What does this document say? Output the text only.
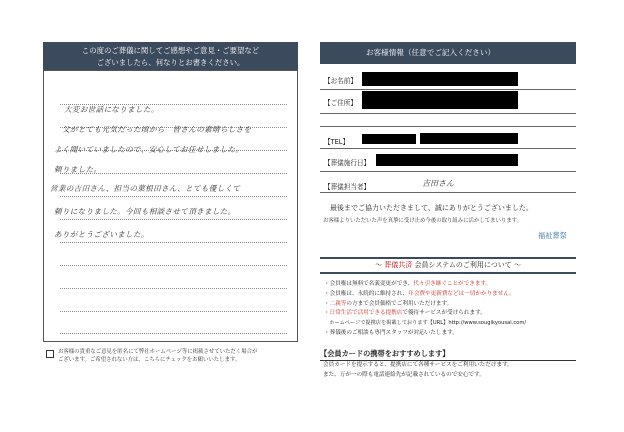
この度のご葬儀に関してご感想やご意見・ご要望など
ございましたら、何なりとお書きください。
大変お世話になりました。
父がとても元気だった頃から　皆さんの素晴らしさを
よく聞いていましたので、安心してお任せしました。
頼りました。
営業の吉田さん、担当の菓根田さん、とても優しくて
頼りになりました。今回も相談させて頂きました。
ありがとうございました。
お客様の貴重なご意見を匿名にて弊社ホームページ等に掲載させていただく場合が
ございます。ご希望されない方は、こちらにチェックをお願いいたします。
お客様情報（任意でご記入ください）
【お名前】
【ご住所】
【TEL】
【葬儀施行日】
【葬儀担当者】	吉田さん
最後までご協力いただきまして、誠にありがとうございました。
お客様よりいただいた声を真摯に受け止め今後の取り組みに活かしてまいります。
福祉葬祭
～ 葬儀共済 会員システムのご利用について ～
・会員権は無料で名義変更ができ、代々引き継ぐことができます。
・会員権は、永続的に維持され、年会費や更新費などは一切かかりません。
・二親等の方まで会員価格でご利用いただけます。
・日常生活で活用できる提携店で優待サービスが受けられます。
　ホームページで提携店を掲載しております【URL】http://www.sougikyousai.com/
・葬儀後のご相談も専門スタッフが対応いたします。
【会員カードの携帯をおすすめします】
会員カードを提示すると、提携店にて各種サービスをご利用いただけます。
また、万が一の際も電話連絡先が記載されているので安心です。
